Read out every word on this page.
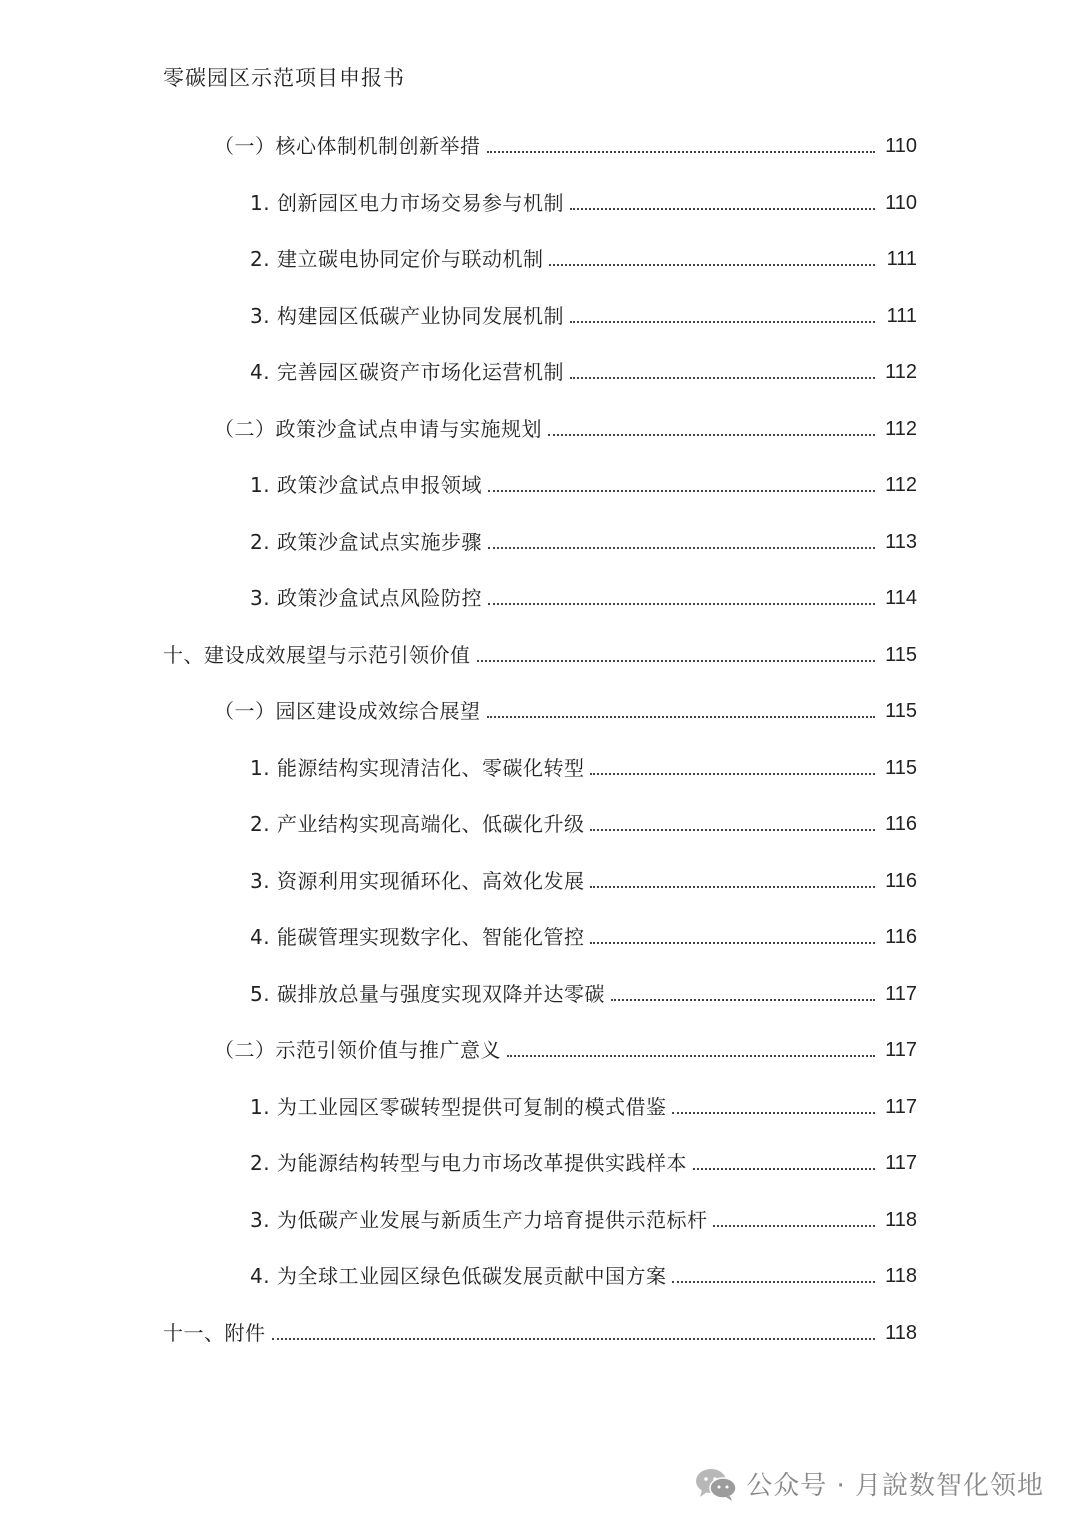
零碳园区示范项目申报书
（一）核心体制机制创新举措	110
1. 创新园区电力市场交易参与机制	110
2. 建立碳电协同定价与联动机制	111
3. 构建园区低碳产业协同发展机制	111
4. 完善园区碳资产市场化运营机制	112
（二）政策沙盒试点申请与实施规划	112
1. 政策沙盒试点申报领域	112
2. 政策沙盒试点实施步骤	113
3. 政策沙盒试点风险防控	114
十、建设成效展望与示范引领价值	115
（一）园区建设成效综合展望	115
1. 能源结构实现清洁化、零碳化转型	115
2. 产业结构实现高端化、低碳化升级	116
3. 资源利用实现循环化、高效化发展	116
4. 能碳管理实现数字化、智能化管控	116
5. 碳排放总量与强度实现双降并达零碳	117
（二）示范引领价值与推广意义	117
1. 为工业园区零碳转型提供可复制的模式借鉴	117
2. 为能源结构转型与电力市场改革提供实践样本	117
3. 为低碳产业发展与新质生产力培育提供示范标杆	118
4. 为全球工业园区绿色低碳发展贡献中国方案	118
十一、附件	118
公众号 · 月說数智化领地
